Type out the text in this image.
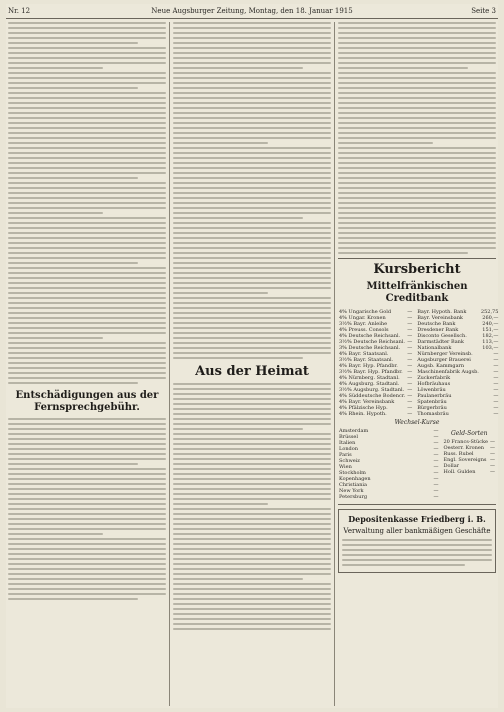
Nr. 12	Neue Augsburger Zeitung, Montag, den 18. Januar 1915	Seite 3
Entschädigungen aus der Fernsprechgebühr.
Aus der Heimat
Kursbericht
Mittelfränkischen Creditbank
4% Ungarische Gold	—
4% Ungar. Kronen	—
3½% Bayr. Anleihe	—
4% Preuss. Consols	—
4% Deutsche Reichsanl.	—
3½% Deutsche Reichsanl.	—
3% Deutsche Reichsanl.	—
4% Bayr. Staatsanl.	—
3½% Bayr. Staatsanl.	—
4% Bayr. Hyp. Pfandbr.	—
3½% Bayr. Hyp. Pfandbr.	—
4% Nürnberg. Stadtanl.	—
4% Augsburg. Stadtanl.	—
3½% Augsburg. Stadtanl.	—
4% Süddeutsche Bodencr.	—
4% Bayr. Vereinsbank	—
4% Pfälzische Hyp.	—
4% Rhein. Hypoth.	—
Bayr. Hypoth. Bank	252,75
Bayr. Vereinsbank	260,—
Deutsche Bank	240,—
Dresdener Bank	151,—
Disconto Gesellsch.	182,—
Darmstädter Bank	113,—
Nationalbank	103,—
Nürnberger Vereinsb.	—
Augsburger Brauerei	—
Augsb. Kammgarn	—
Maschinenfabrik Augsb.	—
Zuckerfabrik	—
Hofbräuhaus	—
Löwenbräu	—
Paulanerbräu	—
Spatenbräu	—
Bürgerbräu	—
Thomasbräu	—
Wechsel-Kurse
Amsterdam	—
Brüssel	—
Italien	—
London	—
Paris	—
Schweiz	—
Wien	—
Stockholm	—
Kopenhagen	—
Christiania	—
New York	—
Petersburg	—
Geld-Sorten
20 Francs-Stücke	—
Oesterr. Kronen	—
Russ. Rubel	—
Engl. Sovereigns	—
Dollar	—
Holl. Gulden	—
Depositenkasse Friedberg i. B.
Verwaltung aller bankmäßigen Geschäfte
